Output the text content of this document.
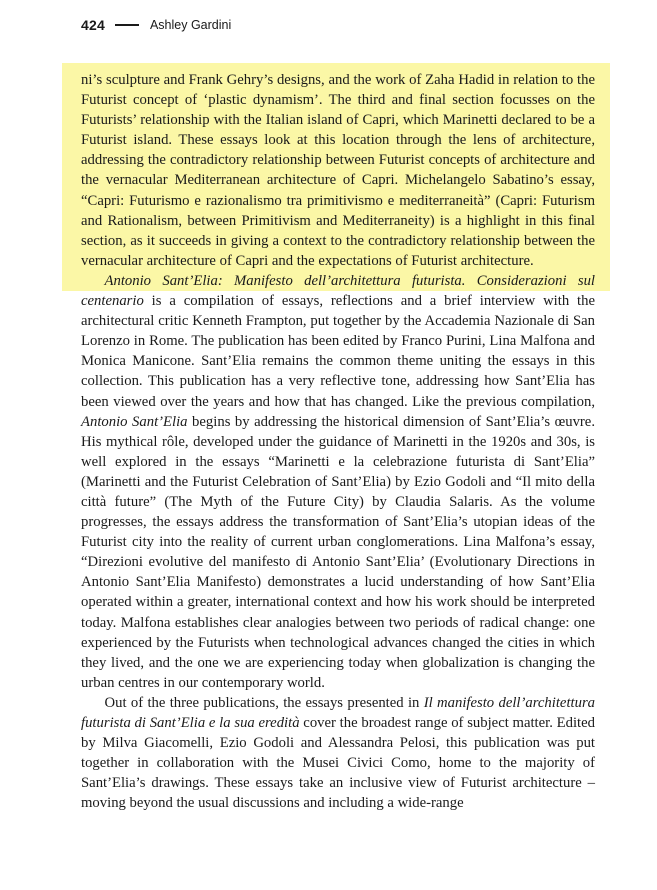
424	Ashley Gardini

ni’s sculpture and Frank Gehry’s designs, and the work of Zaha Hadid in relation to the Futurist concept of ‘plastic dynamism’. The third and final section focusses on the Futurists’ relationship with the Italian island of Capri, which Marinetti declared to be a Futurist island. These essays look at this location through the lens of architecture, addressing the contradictory relationship between Futurist concepts of architecture and the vernacular Mediterranean architecture of Capri. Michelangelo Sabatino’s essay, “Capri: Futurismo e razionalismo tra primitivismo e mediterraneità” (Capri: Futurism and Rationalism, between Primitivism and Mediterraneity) is a highlight in this final section, as it succeeds in giving a context to the contradictory relationship between the vernacular architecture of Capri and the expectations of Futurist architecture.

Antonio Sant’Elia: Manifesto dell’architettura futurista. Considerazioni sul centenario is a compilation of essays, reflections and a brief interview with the architectural critic Kenneth Frampton, put together by the Accademia Nazionale di San Lorenzo in Rome. The publication has been edited by Franco Purini, Lina Malfona and Monica Manicone. Sant’Elia remains the common theme uniting the essays in this collection. This publication has a very reflective tone, addressing how Sant’Elia has been viewed over the years and how that has changed. Like the previous compilation, Antonio Sant’Elia begins by addressing the historical dimension of Sant’Elia’s œuvre. His mythical rôle, developed under the guidance of Marinetti in the 1920s and 30s, is well explored in the essays “Marinetti e la celebrazione futurista di Sant’Elia” (Marinetti and the Futurist Celebration of Sant’Elia) by Ezio Godoli and “Il mito della città future” (The Myth of the Future City) by Claudia Salaris. As the volume progresses, the essays address the transformation of Sant’Elia’s utopian ideas of the Futurist city into the reality of current urban conglomerations. Lina Malfona’s essay, “Direzioni evolutive del manifesto di Antonio Sant’Elia’ (Evolutionary Directions in Antonio Sant’Elia Manifesto) demonstrates a lucid understanding of how Sant’Elia operated within a greater, international context and how his work should be interpreted today. Malfona establishes clear analogies between two periods of radical change: one experienced by the Futurists when technological advances changed the cities in which they lived, and the one we are experiencing today when globalization is changing the urban centres in our contemporary world.

Out of the three publications, the essays presented in Il manifesto dell’architettura futurista di Sant’Elia e la sua eredità cover the broadest range of subject matter. Edited by Milva Giacomelli, Ezio Godoli and Alessandra Pelosi, this publication was put together in collaboration with the Musei Civici Como, home to the majority of Sant’Elia’s drawings. These essays take an inclusive view of Futurist architecture – moving beyond the usual discussions and including a wide-range
